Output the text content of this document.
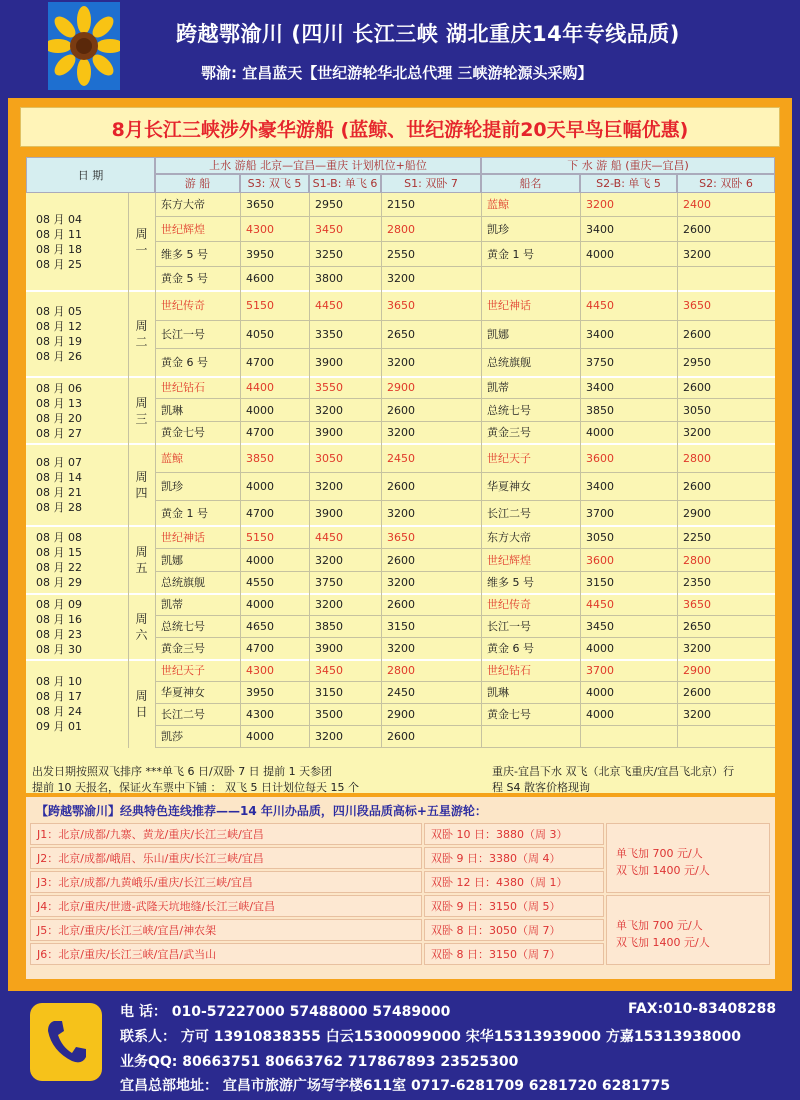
跨越鄂渝川 (四川 长江三峡 湖北重庆14年专线品质)
鄂渝: 宜昌蓝天【世纪游轮华北总代理 三峡游轮源头采购】
8月长江三峡涉外豪华游船 (蓝鲸、世纪游轮提前20天早鸟巨幅优惠)
日 期
上水 游船 北京—宜昌—重庆 计划机位+船位	下 水 游 船 (重庆—宜昌)
游 船	S3: 双飞 5	S1-B: 单飞 6	S1: 双卧 7	船名	S2-B: 单飞 5	S2: 双卧 6
东方大帝	3650	2950	2150	蓝鲸	3200	2400
世纪辉煌	4300	3450	2800	凯珍	3400	2600
维多 5 号	3950	3250	2550	黄金 1 号	4000	3200
黄金 5 号	4600	3800	3200
08 月 04
08 月 11
08 月 18
08 月 25
周一
世纪传奇	5150	4450	3650	世纪神话	4450	3650
长江一号	4050	3350	2650	凯娜	3400	2600
黄金 6 号	4700	3900	3200	总统旗舰	3750	2950
08 月 05
08 月 12
08 月 19
08 月 26
周二
世纪钻石	4400	3550	2900	凯蒂	3400	2600
凯琳	4000	3200	2600	总统七号	3850	3050
黄金七号	4700	3900	3200	黄金三号	4000	3200
08 月 06
08 月 13
08 月 20
08 月 27
周三
蓝鲸	3850	3050	2450	世纪天子	3600	2800
凯珍	4000	3200	2600	华夏神女	3400	2600
黄金 1 号	4700	3900	3200	长江二号	3700	2900
08 月 07
08 月 14
08 月 21
08 月 28
周四
世纪神话	5150	4450	3650	东方大帝	3050	2250
凯娜	4000	3200	2600	世纪辉煌	3600	2800
总统旗舰	4550	3750	3200	维多 5 号	3150	2350
08 月 08
08 月 15
08 月 22
08 月 29
周五
凯蒂	4000	3200	2600	世纪传奇	4450	3650
总统七号	4650	3850	3150	长江一号	3450	2650
黄金三号	4700	3900	3200	黄金 6 号	4000	3200
08 月 09
08 月 16
08 月 23
08 月 30
周六
世纪天子	4300	3450	2800	世纪钻石	3700	2900
华夏神女	3950	3150	2450	凯琳	4000	2600
长江二号	4300	3500	2900	黄金七号	4000	3200
凯莎	4000	3200	2600
08 月 10
08 月 17
08 月 24
09 月 01
周日
出发日期按照双飞排序 ***单飞 6 日/双卧 7 日 提前 1 天参团
提前 10 天报名，保证火车票中下铺 ： 双飞 5 日计划位每天 15 个
重庆-宜昌下水 双飞（北京飞重庆/宜昌飞北京）行
程 S4 散客价格现询
【跨越鄂渝川】经典特色连线推荐——14 年川办品质，四川段品质高标+五星游轮：
J1：北京/成都/九寨、黄龙/重庆/长江三峡/宜昌	双卧 10 日：3880（周 3）
J2：北京/成都/峨眉、乐山/重庆/长江三峡/宜昌	双卧 9 日：3380（周 4）
J3：北京/成都/九黄峨乐/重庆/长江三峡/宜昌	双卧 12 日：4380（周 1）
J4：北京/重庆/世遗-武隆天坑地缝/长江三峡/宜昌	双卧 9 日：3150（周 5）
J5：北京/重庆/长江三峡/宜昌/神农架	双卧 8 日：3050（周 7）
J6：北京/重庆/长江三峡/宜昌/武当山	双卧 8 日：3150（周 7）
单飞加 700 元/人
双飞加 1400 元/人
单飞加 700 元/人
双飞加 1400 元/人
电 话： 010-57227000 57488000 57489000	FAX:010-83408288
联系人： 方可 13910838355 白云15300099000 宋华15313939000 方嘉15313938000
业务QQ: 80663751 80663762 717867893 23525300
宜昌总部地址： 宜昌市旅游广场写字楼611室 0717-6281709 6281720 6281775
